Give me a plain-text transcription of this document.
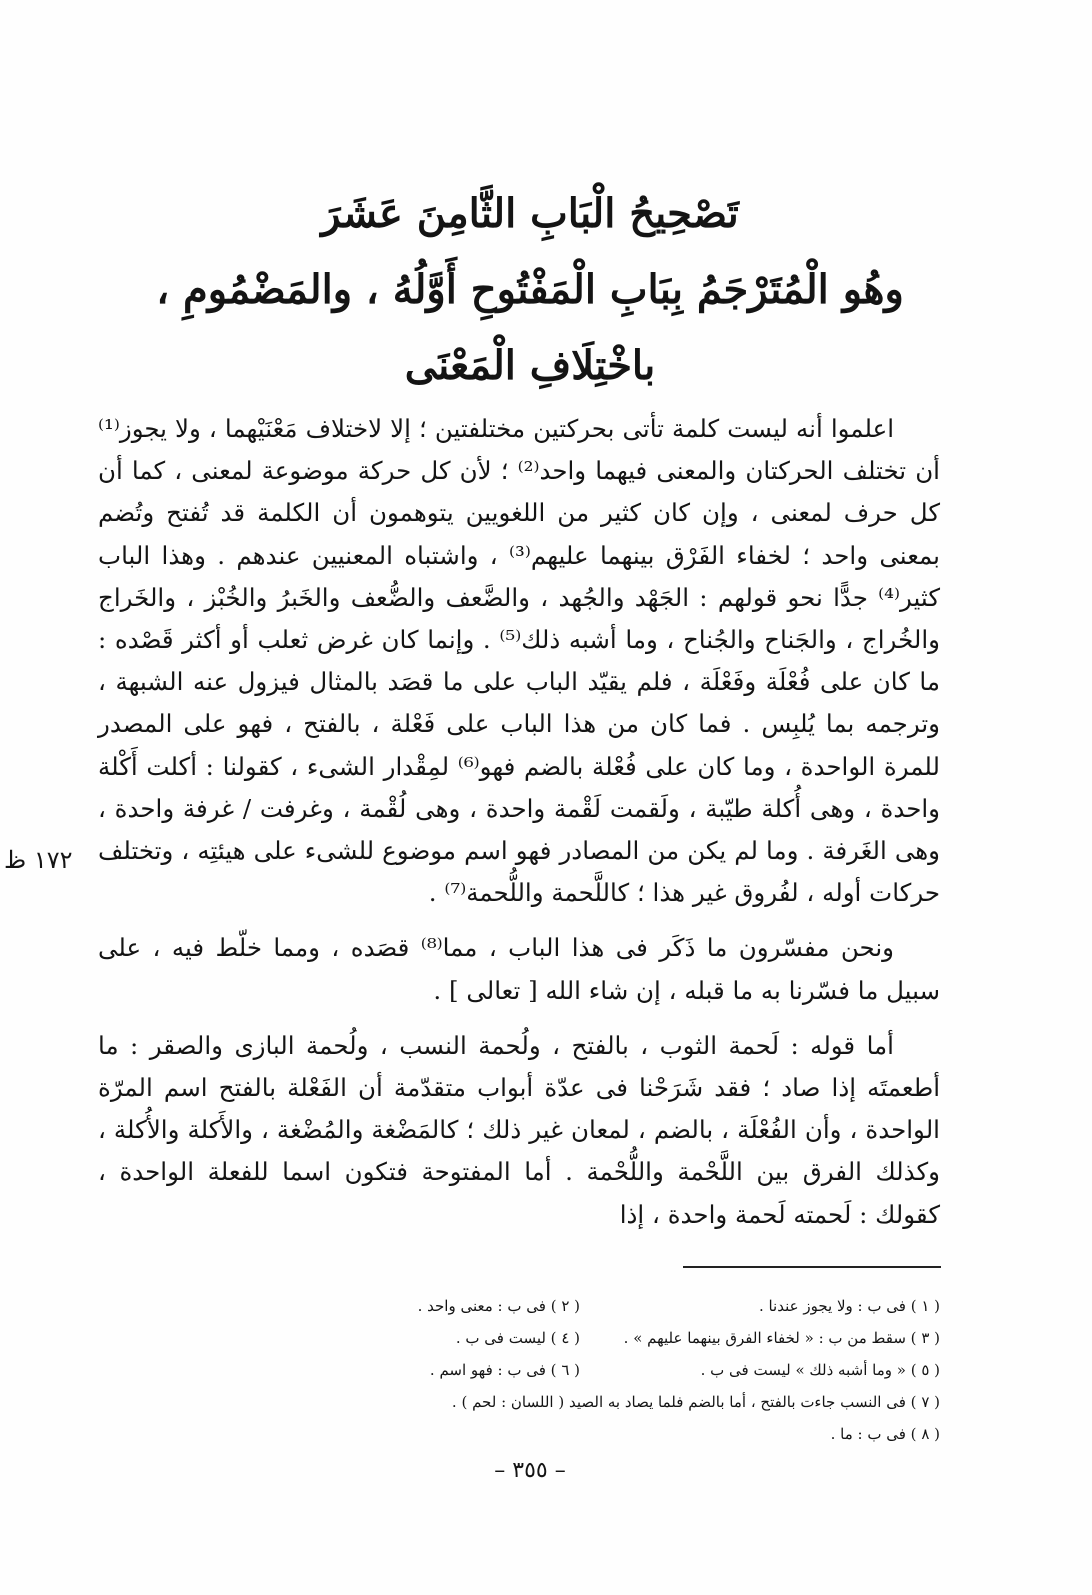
تَصْحِيحُ الْبَابِ الثَّامِنَ عَشَرَ
وهُو الْمُتَرْجَمُ بِبَابِ الْمَفْتُوحِ أَوَّلُهُ ، والمَضْمُومِ ،
باخْتِلَافِ الْمَعْنَى

اعلموا أنه ليست كلمة تأتى بحركتين مختلفتين ؛ إلا لاختلاف مَعْنَيْهما ، ولا يجوز⁽¹⁾ أن تختلف الحركتان والمعنى فيهما واحد⁽²⁾ ؛ لأن كل حركة موضوعة لمعنى ، كما أن كل حرف لمعنى ، وإن كان كثير من اللغويين يتوهمون أن الكلمة قد تُفتح وتُضم بمعنى واحد ؛ لخفاء الفَرْق بينهما عليهم⁽³⁾ ، واشتباه المعنيين عندهم . وهذا الباب كثير⁽⁴⁾ جدًّا نحو قولهم : الجَهْد والجُهد ، والضَّعف والضُّعف والخَبرُ والخُبْز ، والخَراج والخُراج ، والجَناح والجُناح ، وما أشبه ذلك⁽⁵⁾ . وإنما كان غرض ثعلب أو أكثر قَصْده : ما كان على فُعْلَة وفَعْلَة ، فلم يقيّد الباب على ما قصَد بالمثال فيزول عنه الشبهة ، وترجمه بما يُلبِس . فما كان من هذا الباب على فَعْلة ، بالفتح ، فهو على المصدر للمرة الواحدة ، وما كان على فُعْلة بالضم فهو⁽⁶⁾ لمِقْدار الشىء ، كقولنا : أكلت أَكْلة واحدة ، وهى أُكلة طيّبة ، ولَقمت لَقْمة واحدة ، وهى لُقْمة ، وغرفت / غرفة واحدة ، وهى الغَرفة . وما لم يكن من المصادر فهو اسم موضوع للشىء على هيئتِه ، وتختلف حركات أوله ، لفُروق غير هذا ؛ كاللَّحمة واللُّحمة⁽⁷⁾ .

ونحن مفسّرون ما ذَكَر فى هذا الباب ، مما⁽⁸⁾ قصَده ، ومما خلّط فيه ، على سبيل ما فسّرنا به ما قبله ، إن شاء الله [ تعالى ] .

أما قوله : لَحمة الثوب ، بالفتح ، ولُحمة النسب ، ولُحمة البازى والصقر : ما أطعمتَه إذا صاد ؛ فقد شَرَحْنا فى عدّة أبواب متقدّمة أن الفَعْلة بالفتح اسم المرّة الواحدة ، وأن الفُعْلَة ، بالضم ، لمعان غير ذلك ؛ كالمَضْغة والمُضْغة ، والأَكلة والأُكلة ، وكذلك الفرق بين اللَّحْمة واللُّحْمة . أما المفتوحة فتكون اسما للفعلة الواحدة ، كقولك : لَحمته لَحمة واحدة ، إذا

١٧٢ ظ
( ١ ) فى ب : ولا يجوز عندنا .
( ٢ ) فى ب : معنى واحد .
( ٣ ) سقط من ب : « لخفاء الفرق بينهما عليهم » .
( ٤ ) ليست فى ب .
( ٥ ) « وما أشبه ذلك » ليست فى ب .
( ٦ ) فى ب : فهو اسم .
( ٧ ) فى النسب جاءت بالفتح ، أما بالضم فلما يصاد به الصيد ( اللسان : لحم ) .
( ٨ ) فى ب : ما .
– ٣٥٥ –
